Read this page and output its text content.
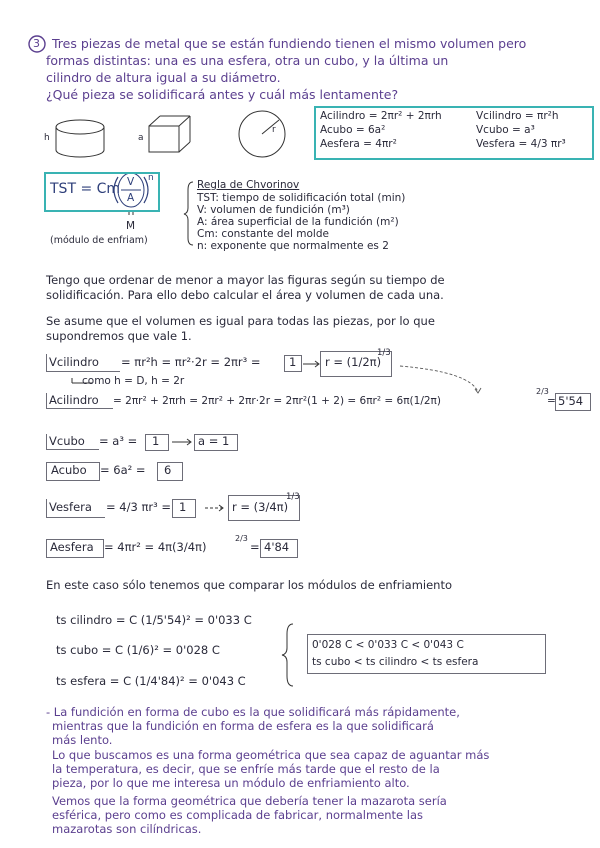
3 Tres piezas de metal que se están fundiendo tienen el mismo volumen pero
formas distintas: una es una esfera, otra un cubo, y la última un
cilindro de altura igual a su diámetro.
¿Qué pieza se solidificará antes y cuál más lentamente?
h	a
r
Acilindro = 2πr² + 2πrh
Acubo = 6a²
Aesfera = 4πr²
Vcilindro = πr²h
Vcubo = a³
Vesfera = 4/3 πr³
TST = Cm V
A
n
M
(módulo de enfriam)
Regla de Chvorinov
TST: tiempo de solidificación total (min)
V: volumen de fundición (m³)
A: área superficial de la fundición (m²)
Cm: constante del molde
n: exponente que normalmente es 2
Tengo que ordenar de menor a mayor las figuras según su tiempo de
solidificación. Para ello debo calcular el área y volumen de cada una.
Se asume que el volumen es igual para todas las piezas, por lo que
supondremos que vale 1.
Vcilindro = πr²h = πr²·2r = 2πr³ = 1 r = (1/2π)
1/3
como h = D, h = 2r
Acilindro = 2πr² + 2πrh = 2πr² + 2πr·2r = 2πr²(1 + 2) = 6πr² = 6π(1/2π)
2/3
= 5'54
Vcubo = a³ = 1	a = 1
Acubo = 6a² = 6
Vesfera = 4/3 πr³ = 1	r = (3/4π)
1/3
Aesfera = 4πr² = 4π(3/4π)
2/3
= 4'84
En este caso sólo tenemos que comparar los módulos de enfriamiento
ts cilindro = C (1/5'54)² = 0'033 C
ts cubo = C (1/6)² = 0'028 C
ts esfera = C (1/4'84)² = 0'043 C
0'028 C < 0'033 C < 0'043 C
ts cubo < ts cilindro < ts esfera
- La fundición en forma de cubo es la que solidificará más rápidamente,
mientras que la fundición en forma de esfera es la que solidificará
más lento.
Lo que buscamos es una forma geométrica que sea capaz de aguantar más
la temperatura, es decir, que se enfríe más tarde que el resto de la
pieza, por lo que me interesa un módulo de enfriamiento alto.
Vemos que la forma geométrica que debería tener la mazarota sería
esférica, pero como es complicada de fabricar, normalmente las
mazarotas son cilíndricas.
